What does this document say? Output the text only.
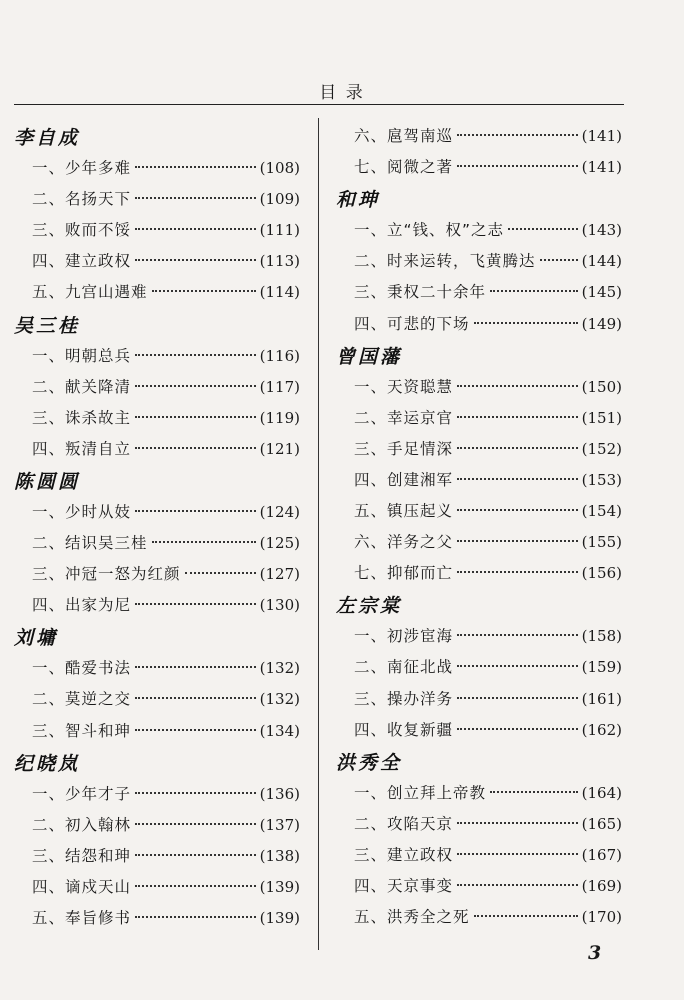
目 录
李自成
一、少年多难	(108)
二、名扬天下	(109)
三、败而不馁	(111)
四、建立政权	(113)
五、九宫山遇难	(114)
吴三桂
一、明朝总兵	(116)
二、献关降清	(117)
三、诛杀故主	(119)
四、叛清自立	(121)
陈圆圆
一、少时从妓	(124)
二、结识吴三桂	(125)
三、冲冠一怒为红颜	(127)
四、出家为尼	(130)
刘墉
一、酷爱书法	(132)
二、莫逆之交	(132)
三、智斗和珅	(134)
纪晓岚
一、少年才子	(136)
二、初入翰林	(137)
三、结怨和珅	(138)
四、谪戍天山	(139)
五、奉旨修书	(139)
六、扈驾南巡	(141)
七、阅微之著	(141)
和珅
一、立“钱、权”之志	(143)
二、时来运转，飞黄腾达	(144)
三、秉权二十余年	(145)
四、可悲的下场	(149)
曾国藩
一、天资聪慧	(150)
二、幸运京官	(151)
三、手足情深	(152)
四、创建湘军	(153)
五、镇压起义	(154)
六、洋务之父	(155)
七、抑郁而亡	(156)
左宗棠
一、初涉宦海	(158)
二、南征北战	(159)
三、操办洋务	(161)
四、收复新疆	(162)
洪秀全
一、创立拜上帝教	(164)
二、攻陷天京	(165)
三、建立政权	(167)
四、天京事变	(169)
五、洪秀全之死	(170)
3
